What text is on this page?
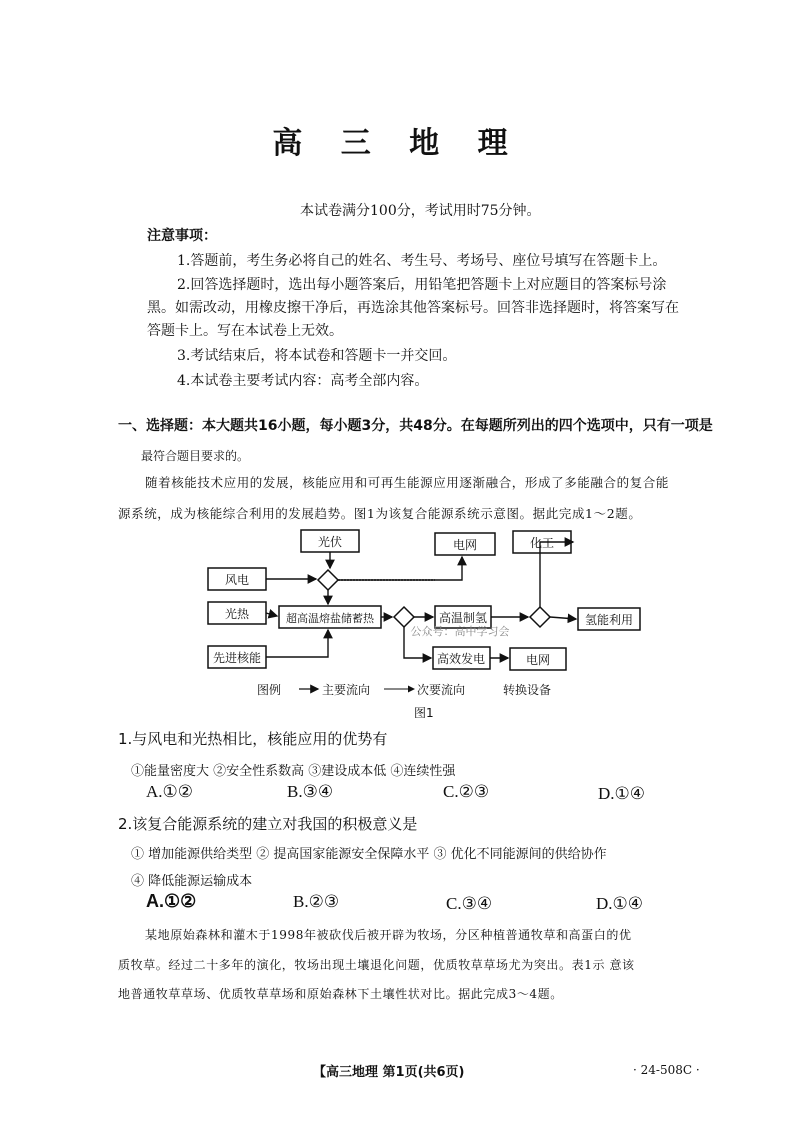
高 三 地 理
本试卷满分100分，考试用时75分钟。
注意事项：
1.答题前，考生务必将自己的姓名、考生号、考场号、座位号填写在答题卡上。
2.回答选择题时，选出每小题答案后，用铅笔把答题卡上对应题目的答案标号涂
黑。如需改动，用橡皮擦干净后，再选涂其他答案标号。回答非选择题时，将答案写在
答题卡上。写在本试卷上无效。
3.考试结束后，将本试卷和答题卡一并交回。
4.本试卷主要考试内容：高考全部内容。
一、选择题：本大题共16小题，每小题3分，共48分。在每题所列出的四个选项中，只有一项是
最符合题目要求的。
随着核能技术应用的发展，核能应用和可再生能源应用逐渐融合，形成了多能融合的复合能
源系统，成为核能综合利用的发展趋势。图1为该复合能源系统示意图。据此完成1～2题。
光伏	电网	化工
风电
光热	超高温熔盐储蓄热	高温制氢	氢能利用
先进核能	高效发电	电网
公众号：高中学习会
图例	主要流向	次要流向	转换设备
图1
1.与风电和光热相比，核能应用的优势有
①能量密度大 ②安全性系数高 ③建设成本低 ④连续性强
A.①②	B.③④	C.②③	D.①④
2.该复合能源系统的建立对我国的积极意义是
① 增加能源供给类型 ② 提高国家能源安全保障水平 ③ 优化不同能源间的供给协作
④ 降低能源运输成本
A.①②	B.②③	C.③④	D.①④
某地原始森林和灌木于1998年被砍伐后被开辟为牧场，分区种植普通牧草和高蛋白的优
质牧草。经过二十多年的演化，牧场出现土壤退化问题，优质牧草草场尤为突出。表1示 意该
地普通牧草草场、优质牧草草场和原始森林下土壤性状对比。据此完成3～4题。
【高三地理 第1页(共6页)	· 24-508C ·
